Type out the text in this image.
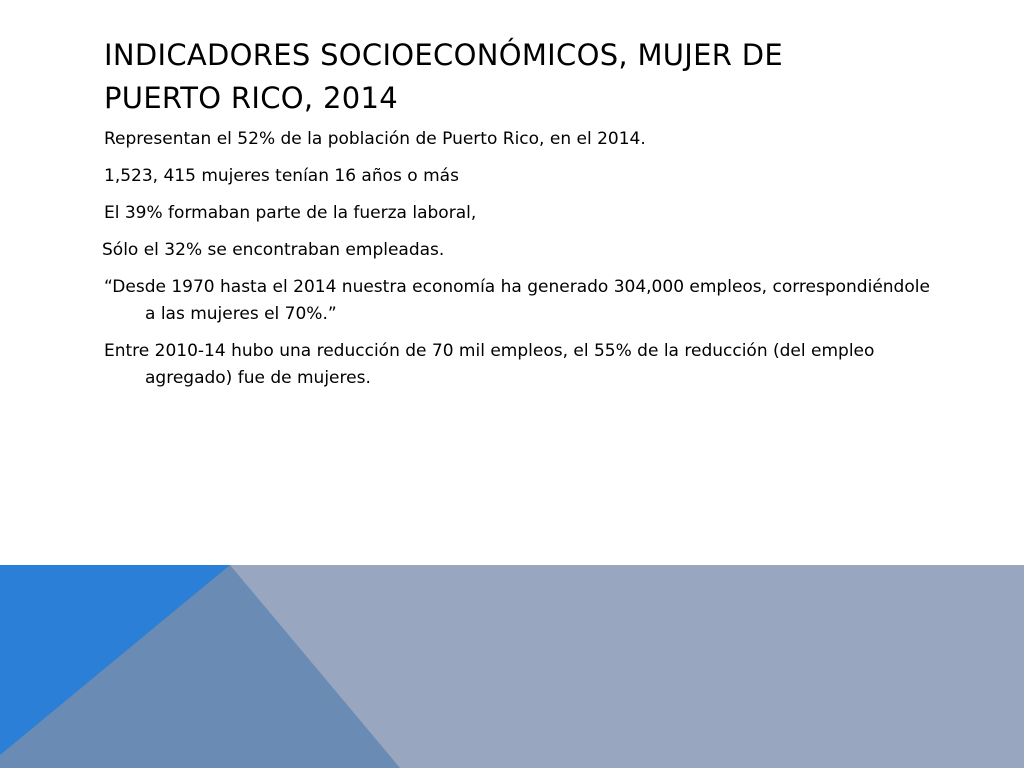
INDICADORES SOCIOECONÓMICOS, MUJER DE
PUERTO RICO, 2014
Representan el 52% de la población de Puerto Rico, en el 2014.
1,523, 415 mujeres tenían 16 años o más
El 39% formaban parte de la fuerza laboral,
Sólo el 32% se encontraban empleadas.
“Desde 1970 hasta el 2014 nuestra economía ha generado 304,000 empleos, correspondiéndole a las mujeres el 70%.”
Entre 2010-14 hubo una reducción de 70 mil empleos, el 55% de la reducción (del empleo agregado) fue de mujeres.
